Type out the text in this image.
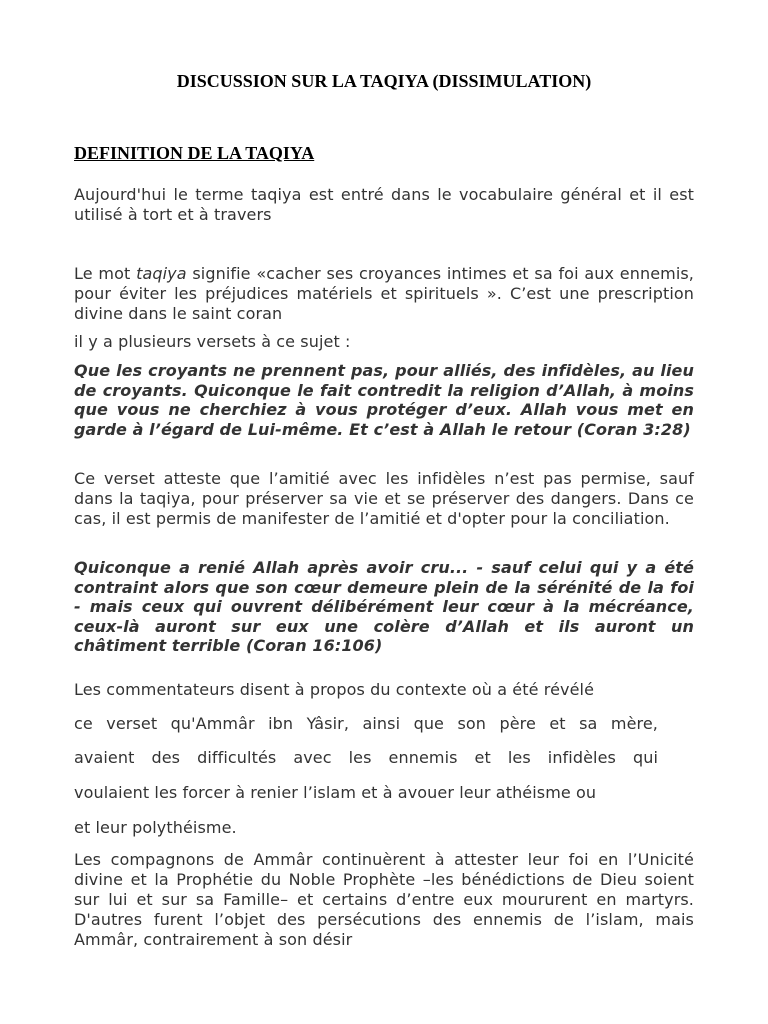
DISCUSSION SUR LA TAQIYA (DISSIMULATION)
DEFINITION DE LA TAQIYA

Aujourd'hui le terme taqiya est entré dans le vocabulaire général et il est utilisé à tort et à travers

Le mot taqiya signifie «cacher ses croyances intimes et sa foi aux ennemis, pour éviter les préjudices matériels et spirituels ». C’est une prescription divine dans le saint coran

il y a plusieurs versets à ce sujet :

Que les croyants ne prennent pas, pour alliés, des infidèles, au lieu de croyants. Quiconque le fait contredit la religion d’Allah, à moins que vous ne cherchiez à vous protéger d’eux. Allah vous met en garde à l’égard de Lui-même. Et c’est à Allah le retour (Coran 3:28)

Ce verset atteste que l’amitié avec les infidèles n’est pas permise, sauf dans la taqiya, pour préserver sa vie et se préserver des dangers. Dans ce cas, il est permis de manifester de l’amitié et d'opter pour la conciliation.

Quiconque a renié Allah après avoir cru... - sauf celui qui y a été contraint alors que son cœur demeure plein de la sérénité de la foi - mais ceux qui ouvrent délibérément leur cœur à la mécréance, ceux-là auront sur eux une colère d’Allah et ils auront un châtiment terrible (Coran 16:106)

Les commentateurs disent à propos du contexte où a été révélé

ce verset qu'Ammâr ibn Yâsir, ainsi que son père et sa mère,

avaient des difficultés avec les ennemis et les infidèles qui

voulaient les forcer à renier l’islam et à avouer leur athéisme ou

et leur polythéisme.

Les compagnons de Ammâr continuèrent à attester leur foi en l’Unicité divine et la Prophétie du Noble Prophète –les bénédictions de Dieu soient sur lui et sur sa Famille– et certains d’entre eux moururent en martyrs. D'autres furent l’objet des persécutions des ennemis de l’islam, mais Ammâr, contrairement à son désir
